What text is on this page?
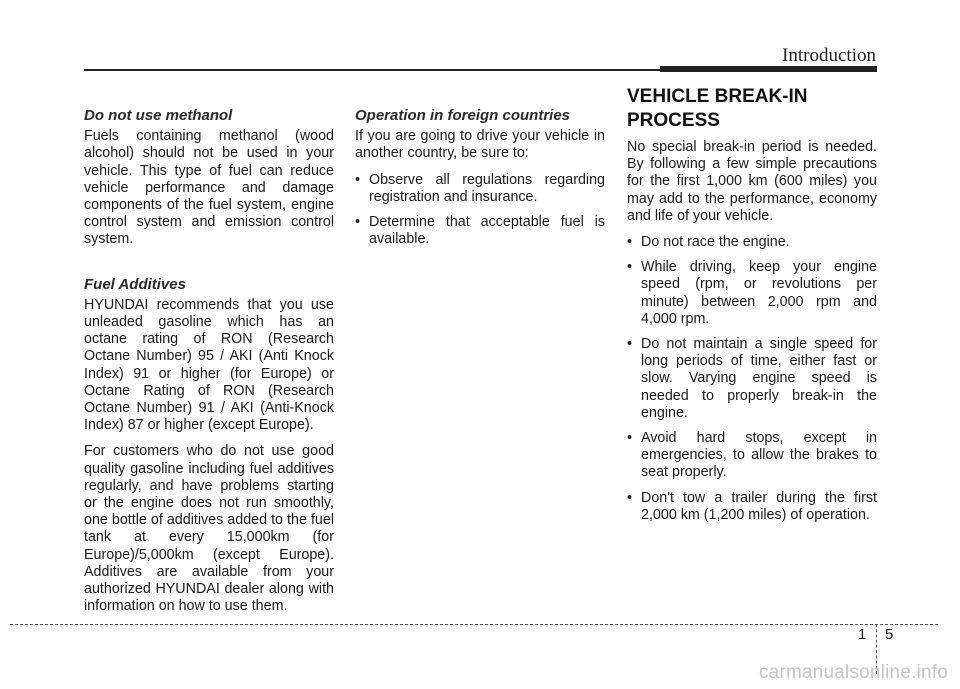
Introduction
Do not use methanol

Fuels containing methanol (wood alcohol) should not be used in your vehicle. This type of fuel can reduce vehicle performance and damage components of the fuel system, engine control system and emission control system.

Fuel Additives

HYUNDAI recommends that you use unleaded gasoline which has an octane rating of RON (Research Octane Number) 95 / AKI (Anti Knock Index) 91 or higher (for Europe) or Octane Rating of RON (Research Octane Number) 91 / AKI (Anti-Knock Index) 87 or higher (except Europe).

For customers who do not use good quality gasoline including fuel additives regularly, and have problems starting or the engine does not run smoothly, one bottle of additives added to the fuel tank at every 15,000km (for Europe)/5,000km (except Europe). Additives are available from your authorized HYUNDAI dealer along with information on how to use them.

Operation in foreign countries

If you are going to drive your vehicle in another country, be sure to:

• Observe all regulations regarding registration and insurance.
• Determine that acceptable fuel is available.
VEHICLE BREAK-IN PROCESS

No special break-in period is needed. By following a few simple precautions for the first 1,000 km (600 miles) you may add to the performance, economy and life of your vehicle.

• Do not race the engine.
• While driving, keep your engine speed (rpm, or revolutions per minute) between 2,000 rpm and 4,000 rpm.
• Do not maintain a single speed for long periods of time, either fast or slow. Varying engine speed is needed to properly break-in the engine.
• Avoid hard stops, except in emergencies, to allow the brakes to seat properly.
• Don't tow a trailer during the first 2,000 km (1,200 miles) of operation.
1 5
carmanualsonline.info
